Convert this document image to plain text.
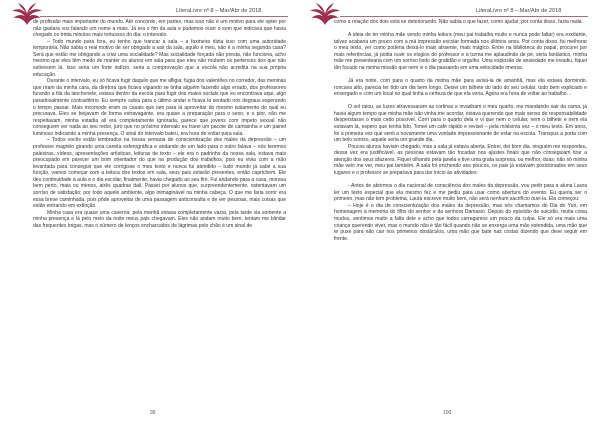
LiteraLivre nº 8 – Mar/Abr de 2018

de profissão mais importante do mundo. Até concordo, em partes, mas isso não é um motivo para ele opter por não gastara voz falando um nome a mais. Já era o fim da aula e pudemos ouvir o som que indicava que havia chegado os trinta minutos mais tortuosos do dia: o intervalo.

– Todo mundo para fora, eu tenho que trancar a sala – a faxineira dizia isso com uma autoridade temporária. Não sabia o real motivo de ser obrigado a sair da sala, aquilo é meu, não é a minha segunda casa? Será que estão me obrigando a criar uma socialidade? Mas socialidade forçada não presta, não funciona, acho mesmo que eles têm medo de manter os alunos em sala para que eles não roubem os pertences dos que não estivesem lá. Isso seria um forte indício, seria a comprovação que a escola não acredita na sua própria educação.

Durante o intervalo, eu só ficava fugir daquilo que me afligia; fugia dos valentões no corredor, das meninas que riram da minha cara, da diretora que ficava vigiando se tinha alguém fazendo algo errado, dos professores furando a fila da lanchonete, estava dentro da escola para fugir dos males sociais que eu encontrava aqui, algo paradoxalmente contraditório. Eu sempre subia para o último andar e ficava lá sentado nos degraus esperando o tempo passar. Mais incomodo eram os casais que iam para lá aproveitar do mesmo isolamento do qual eu procurava. Eles se beijavam de forma extravagante, era quase a preparação para o sexo, e o pior, não me respeitavam, minha estadia ali era completamente ignorada, parece que jovens com ímpeto sexual não conseguem ver nada ao seu redor, juro que no próximo intervalo eu trarei um pacote de camisinha e um painel luminoso indicando a minha presença. O sinal do intervalo bateu, era hora de voltar para sala.

– Todos vocês estão lembrados na nossa semana de conscientização dos males da depressão – um professor magrelo girando uma caneta esferográfica e andando de um lado para o outro falava – nós teremos palestras, vídeos, apresentações artísticas, leituras de texto – ele era o padrinho da nossa sala, estava mais preocupado em parecer um bom orientador do que na produção dos trabalhos, pois eu vivia com a mão levantada para conseguir que ele corrigisse o meu texto e nunca fui atendido – tudo mundo já sabe a sua função, vamos começar com a leitura dos textos em sala, seus pais estarão presentes, então caprichem. Ele deu continuidade à aula e o dia escolar, finalmente, havia chegado ao seu fim. Fui andando para a casa, morava bem perto, mais ou menos, atrês quadras dali. Passei por alunos que, surpreendentemente, ostentavam um sorriso de satisfação; por todo aquele ambiente, algo inimaginável na minha cabeça. O que me faria sorrir era essa breve caminhada, pois pôde aproveitar de uma passagem anticonsulta e de ver pessoas, mais coisas que estão entrando em extinção.

Minha casa era quase uma caverna; pela manhã estava completamente vazia, pela tarde via somente a minha presença e lá pelo meio da noite meus pais chegavam. Eles não andam muito bem, tentam me blindar das frequentes brigas, mas o número de lenços encharcados de lágrimas pelo chão é um sinal de

99
LiteraLivre nº 8 – Mar/Abr de 2018

como a relação dos dois está se deteriorando. Não sabia o que fazer, como ajudar, por conta disso, fazia nada.

A ideia de ter minha mãe vendo minha leitura (meu pai trabalha muito e nunca pode faltar) era excitante, talvez acabaria um pouco com a má impressão escolar formada nos últimos anos. Por conta disso, fui melhorar o meu texto, ver como poderia deixá-lo mais atraente, mais mágico. Entre na biblioteca do papai, procurei por mais referências, já podia ouvir os elogios do professor e a turma me aplaudindo de pé, seria fantástico, minha mãe me presentearia com um sorriso lindo de gratidão e orgulho. Uma explosão de ansiedade me invadiu, fiquei tão focado na minha missão que nem vi o dia passando em uma velocidade imensa.

Já era noite, corri para o quarto da minha mãe para avisá-la de amanhã, mas ela estava dormindo, roncava alto, parecia ter tido um dia bem longo. Deixei um bilhete do lado do seu celular, tudo bem explicado e enxergado e com um local no qual tinha a certeza de que ela veria. Agora era hora de voltar ao trabalho…

O sol raiou, as luzes atravessaram as cortinas e invadiram o meu quarto, me mandando sair da cama, já havia algum tempo que minha mãe não vinha me acordar, estava querendo que mais senso de responsabilidade desperstasse o mais cedo possível. Corri para o quarto dela e vi que nem o celular, nem o bilhete e nem ela estavam lá, espero que tenha lido. Tomei um café rápido e revisei – pela milésima vez – o meu texto. Em anos, foi a primeira vez que senti a novamente uma vontade impressionante de estar na escola. Transpus a porta com um belo sorriso, aquele seria um grande dia.

Poucos alunos haviam chegado, mas a sala já estava aberta. Entrei, dei bom dia, ninguém me respondeu, dessa vez era justificável, as pessoas estavam tão focadas nos ajustes finais que não conseguiam tirar a atenção dos seus afazeres. Fiquei olhando pela janela e tive uma grata surpresa, ou melhor, duas; não só minha mãe veio me ver, meu pai também. A sala foi enchendo aos poucos, os pais já estavam posicionados em seus lugares e o professor se preparava para dar início às atividades:

- Antes de abrirmos o dia nacional de consciência dos males da depressão, vou pedir para a aluna Laura ler um texto especial que ela mesmo fez e me pediu para usar como abertura do evento. Eu queria ser o primeiro, mas não tem problema, Laura escreve muito bem, não será nenhum sacrifício ouvi-la. Ela começou:

– Hoje é o dia de conscientização dos males da depressão, mas nós chamamos do Dia do Yuri, em homenagem à memória do filho do senhor e da senhora Damasio. Depois do episódio de suicídio, muita coisa mudou, sentimos muito a falta dele e acho que todos carregamos um pouco da culpa. Ele só era mais uma criança querendo viver, mas o mundo não é tão fácil quando não se enxerga uma mão estendida, uma mão que te puxe para não cair nos primeiros obstáculos, uma mão que bate nas costas dizendo que deve seguir em frente.

100
